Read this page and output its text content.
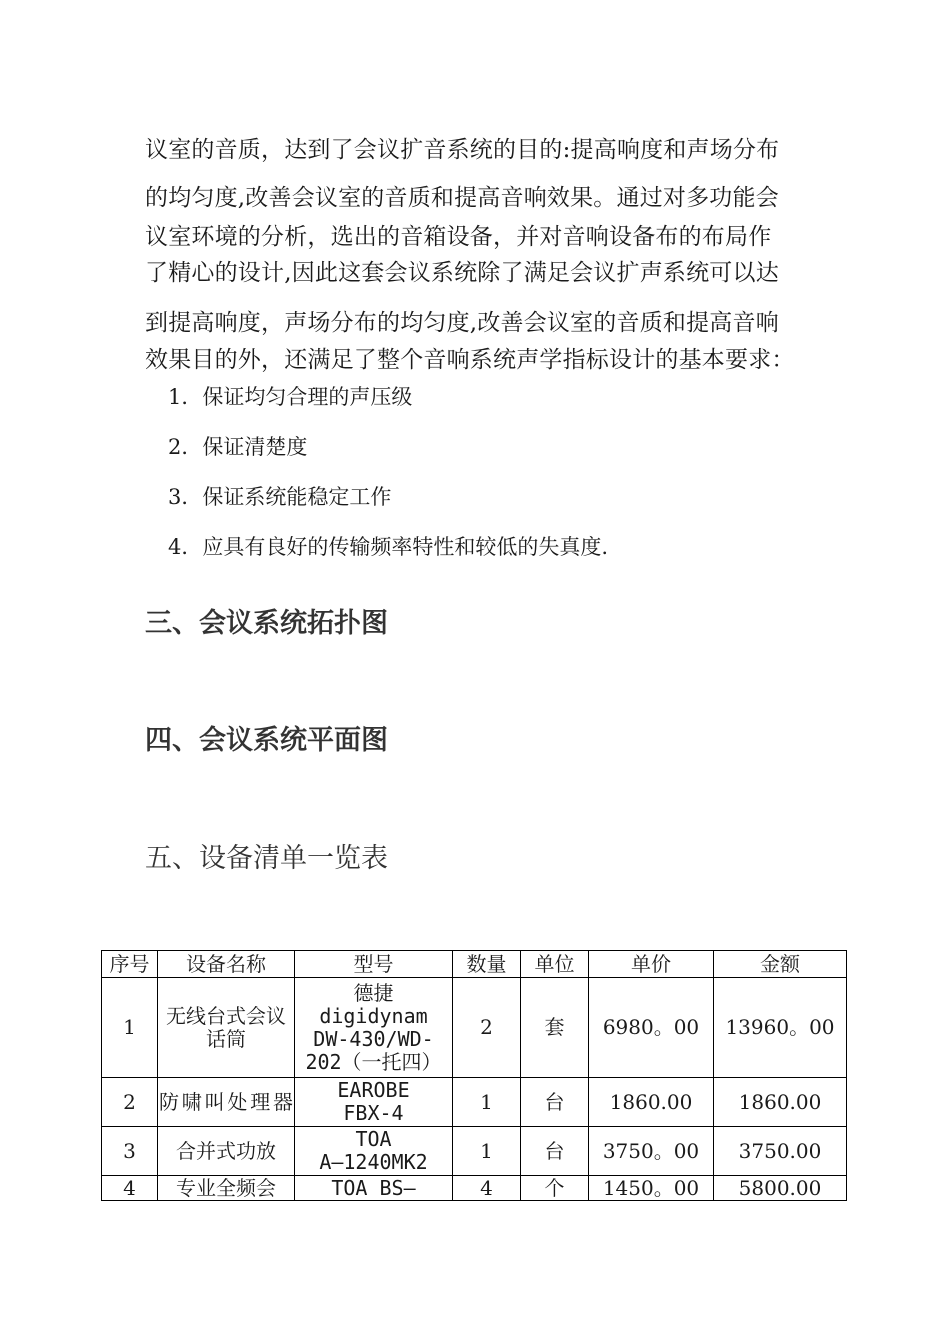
议室的音质，达到了会议扩音系统的目的:提高响度和声场分布
的均匀度,改善会议室的音质和提高音响效果。通过对多功能会
议室环境的分析，选出的音箱设备，并对音响设备布的布局作
了精心的设计,因此这套会议系统除了满足会议扩声系统可以达
到提高响度，声场分布的均匀度,改善会议室的音质和提高音响
效果目的外，还满足了整个音响系统声学指标设计的基本要求：
1．保证均匀合理的声压级
2．保证清楚度
3．保证系统能稳定工作
4．应具有良好的传输频率特性和较低的失真度.
三、会议系统拓扑图
四、会议系统平面图
五、设备清单一览表
序号	设备名称	型号	数量	单位	单价	金额
1	无线台式会议话筒	德捷
digidynam
DW-430/WD-
202（一托四）	2	套	6980。00	13960。00
2	防啸叫处理器	EAROBE
FBX-4	1	台	1860.00	1860.00
3	合并式功放	TOA
A—1240MK2	1	台	3750。00	3750.00
4	专业全频会	TOA BS—	4	个	1450。00	5800.00
